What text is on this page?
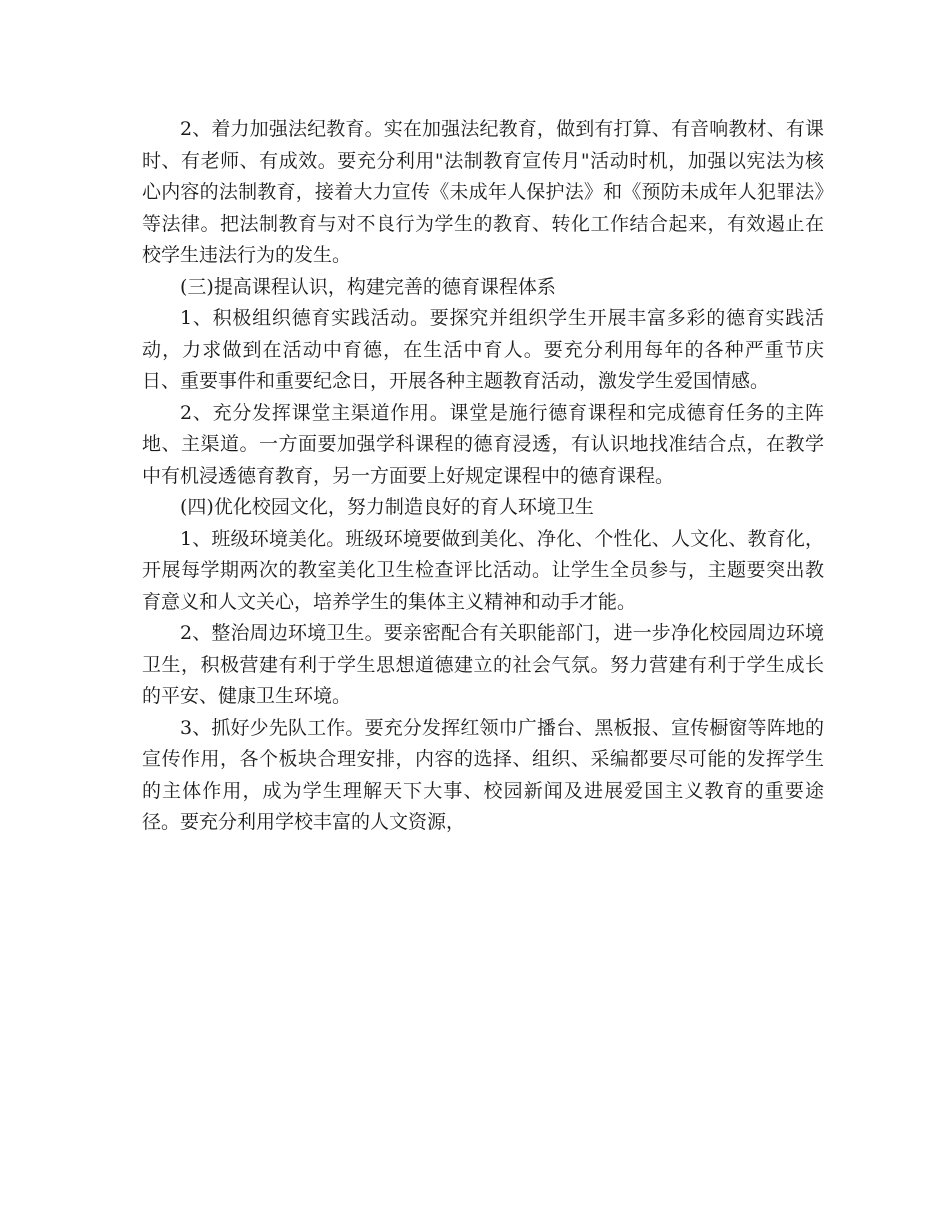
2、着力加强法纪教育。实在加强法纪教育，做到有打算、有音响教材、有课时、有老师、有成效。要充分利用"法制教育宣传月"活动时机，加强以宪法为核心内容的法制教育，接着大力宣传《未成年人保护法》和《预防未成年人犯罪法》等法律。把法制教育与对不良行为学生的教育、转化工作结合起来，有效遏止在校学生违法行为的发生。

(三)提高课程认识，构建完善的德育课程体系

1、积极组织德育实践活动。要探究并组织学生开展丰富多彩的德育实践活动，力求做到在活动中育德，在生活中育人。要充分利用每年的各种严重节庆日、重要事件和重要纪念日，开展各种主题教育活动，激发学生爱国情感。

2、充分发挥课堂主渠道作用。课堂是施行德育课程和完成德育任务的主阵地、主渠道。一方面要加强学科课程的德育浸透，有认识地找准结合点，在教学中有机浸透德育教育，另一方面要上好规定课程中的德育课程。

(四)优化校园文化，努力制造良好的育人环境卫生

1、班级环境美化。班级环境要做到美化、净化、个性化、人文化、教育化，开展每学期两次的教室美化卫生检查评比活动。让学生全员参与，主题要突出教育意义和人文关心，培养学生的集体主义精神和动手才能。

2、整治周边环境卫生。要亲密配合有关职能部门，进一步净化校园周边环境卫生，积极营建有利于学生思想道德建立的社会气氛。努力营建有利于学生成长的平安、健康卫生环境。

3、抓好少先队工作。要充分发挥红领巾广播台、黑板报、宣传橱窗等阵地的宣传作用，各个板块合理安排，内容的选择、组织、采编都要尽可能的发挥学生的主体作用，成为学生理解天下大事、校园新闻及进展爱国主义教育的重要途径。要充分利用学校丰富的人文资源，
